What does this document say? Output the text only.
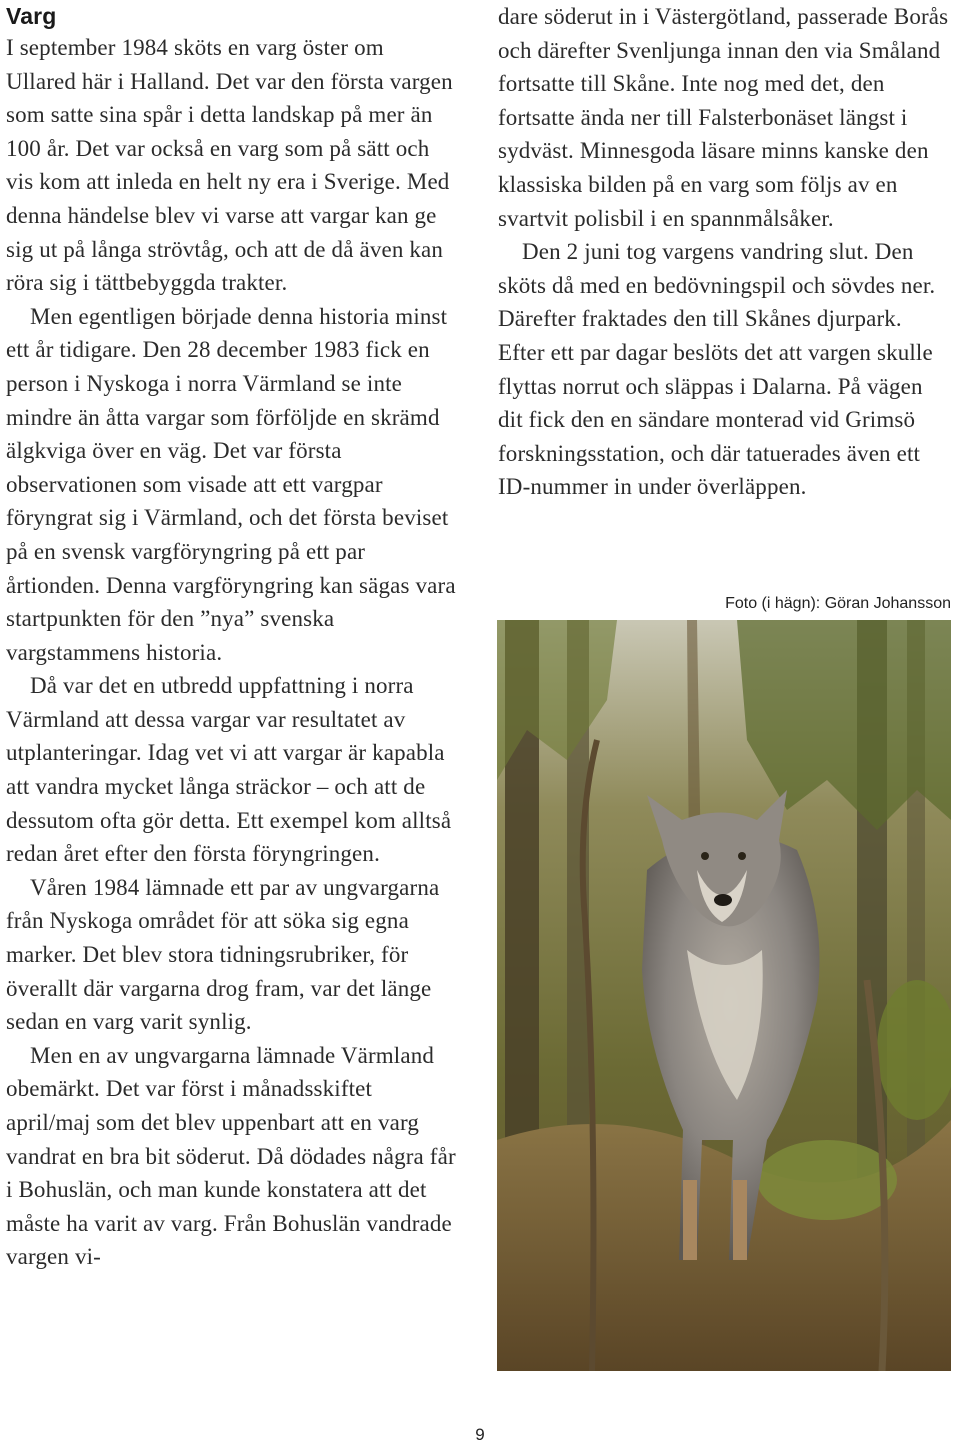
Varg

I september 1984 sköts en varg öster om Ullared här i Halland. Det var den första vargen som satte sina spår i detta landskap på mer än 100 år. Det var också en varg som på sätt och vis kom att inleda en helt ny era i Sverige. Med denna händelse blev vi varse att vargar kan ge sig ut på långa strövtåg, och att de då även kan röra sig i tättbebyggda trakter.

Men egentligen började denna historia minst ett år tidigare. Den 28 december 1983 fick en person i Nyskoga i norra Värmland se inte mindre än åtta vargar som förföljde en skrämd älgkviga över en väg. Det var första observationen som visade att ett vargpar föryngrat sig i Värmland, och det första beviset på en svensk vargföryngring på ett par årtionden. Denna vargföryngring kan sägas vara startpunkten för den ”nya” svenska vargstammens historia.

Då var det en utbredd uppfattning i norra Värmland att dessa vargar var resultatet av utplanteringar. Idag vet vi att vargar är kapabla att vandra mycket långa sträckor – och att de dessutom ofta gör detta. Ett exempel kom alltså redan året efter den första föryngringen.

Våren 1984 lämnade ett par av ungvargarna från Nyskoga området för att söka sig egna marker. Det blev stora tidningsrubriker, för överallt där vargarna drog fram, var det länge sedan en varg varit synlig.

Men en av ungvargarna lämnade Värmland obemärkt. Det var först i månadsskiftet april/maj som det blev uppenbart att en varg vandrat en bra bit söderut. Då dödades några får i Bohuslän, och man kunde konstatera att det måste ha varit av varg. Från Bohuslän vandrade vargen vi-

dare söderut in i Västergötland, passerade Borås och därefter Svenljunga innan den via Småland fortsatte till Skåne. Inte nog med det, den fortsatte ända ner till Falsterbonäset längst i sydväst. Minnesgoda läsare minns kanske den klassiska bilden på en varg som följs av en svartvit polisbil i en spannmålsåker.

Den 2 juni tog vargens vandring slut. Den sköts då med en bedövningspil och sövdes ner. Därefter fraktades den till Skånes djurpark. Efter ett par dagar beslöts det att vargen skulle flyttas norrut och släppas i Dalarna. På vägen dit fick den en sändare monterad vid Grimsö forskningsstation, och där tatuerades även ett ID-nummer in under överläppen.

Foto (i hägn): Göran Johansson
9
